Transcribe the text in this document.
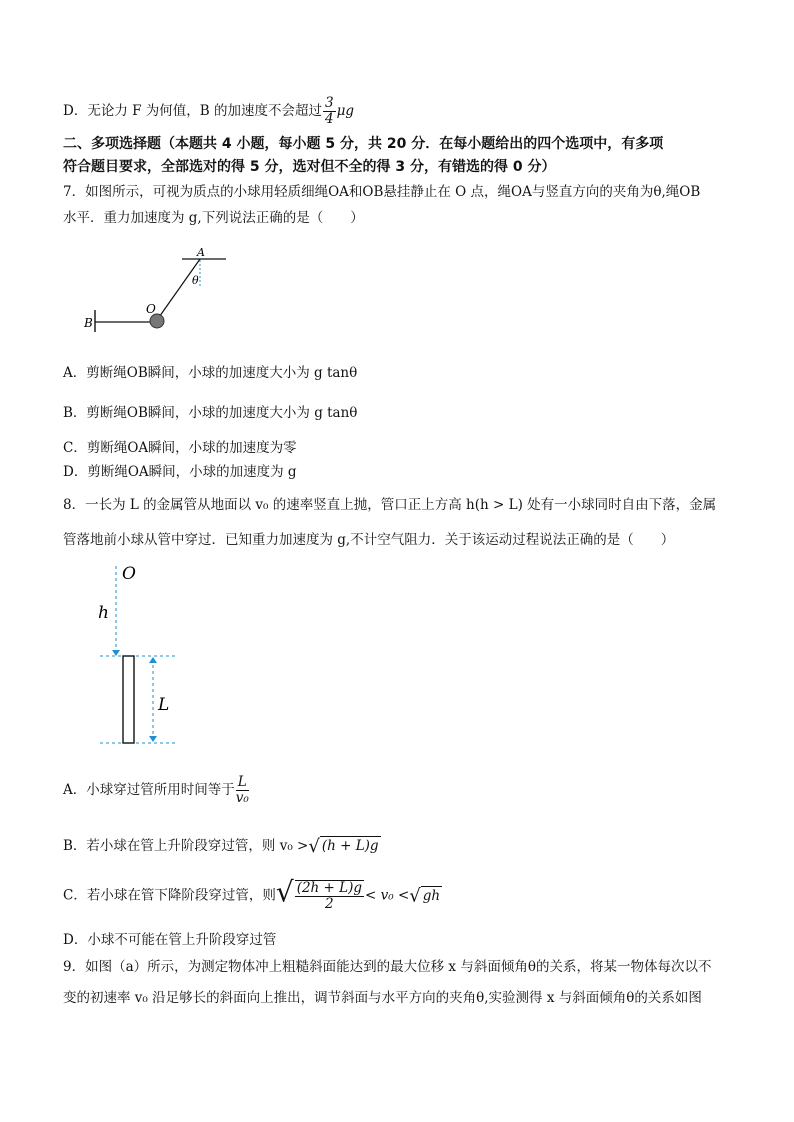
D．无论力 F 为何值，B 的加速度不会超过 $\frac{3}{4}$ μg
二、多项选择题（本题共 4 小题，每小题 5 分，共 20 分．在每小题给出的四个选项中，有多项
符合题目要求，全部选对的得 5 分，选对但不全的得 3 分，有错选的得 0 分）
7．如图所示，可视为质点的小球用轻质细绳OA和OB悬挂静止在 O 点，绳OA与竖直方向的夹角为θ,绳OB
水平．重力加速度为 g,下列说法正确的是（　　）
A
θ
O
B
A．剪断绳OB瞬间，小球的加速度大小为 g tanθ
B．剪断绳OB瞬间，小球的加速度大小为 g tanθ
C．剪断绳OA瞬间，小球的加速度为零
D．剪断绳OA瞬间，小球的加速度为 g
8．一长为 L 的金属管从地面以 v₀ 的速率竖直上抛，管口正上方高 h(h > L) 处有一小球同时自由下落，金属
管落地前小球从管中穿过．已知重力加速度为 g,不计空气阻力．关于该运动过程说法正确的是（　　）
O
h
L
A．小球穿过管所用时间等于 $\frac{L}{\text{v₀}}$
B．若小球在管上升阶段穿过管，则 v₀ >√ (h + L)g
C．若小球在管下降阶段穿过管，则√ $\frac{(2h + L)g}{2} < v_0$ <√ gh
D．小球不可能在管上升阶段穿过管
9．如图（a）所示，为测定物体冲上粗糙斜面能达到的最大位移 x 与斜面倾角θ的关系，将某一物体每次以不
变的初速率 v₀ 沿足够长的斜面向上推出，调节斜面与水平方向的夹角θ,实验测得 x 与斜面倾角θ的关系如图
